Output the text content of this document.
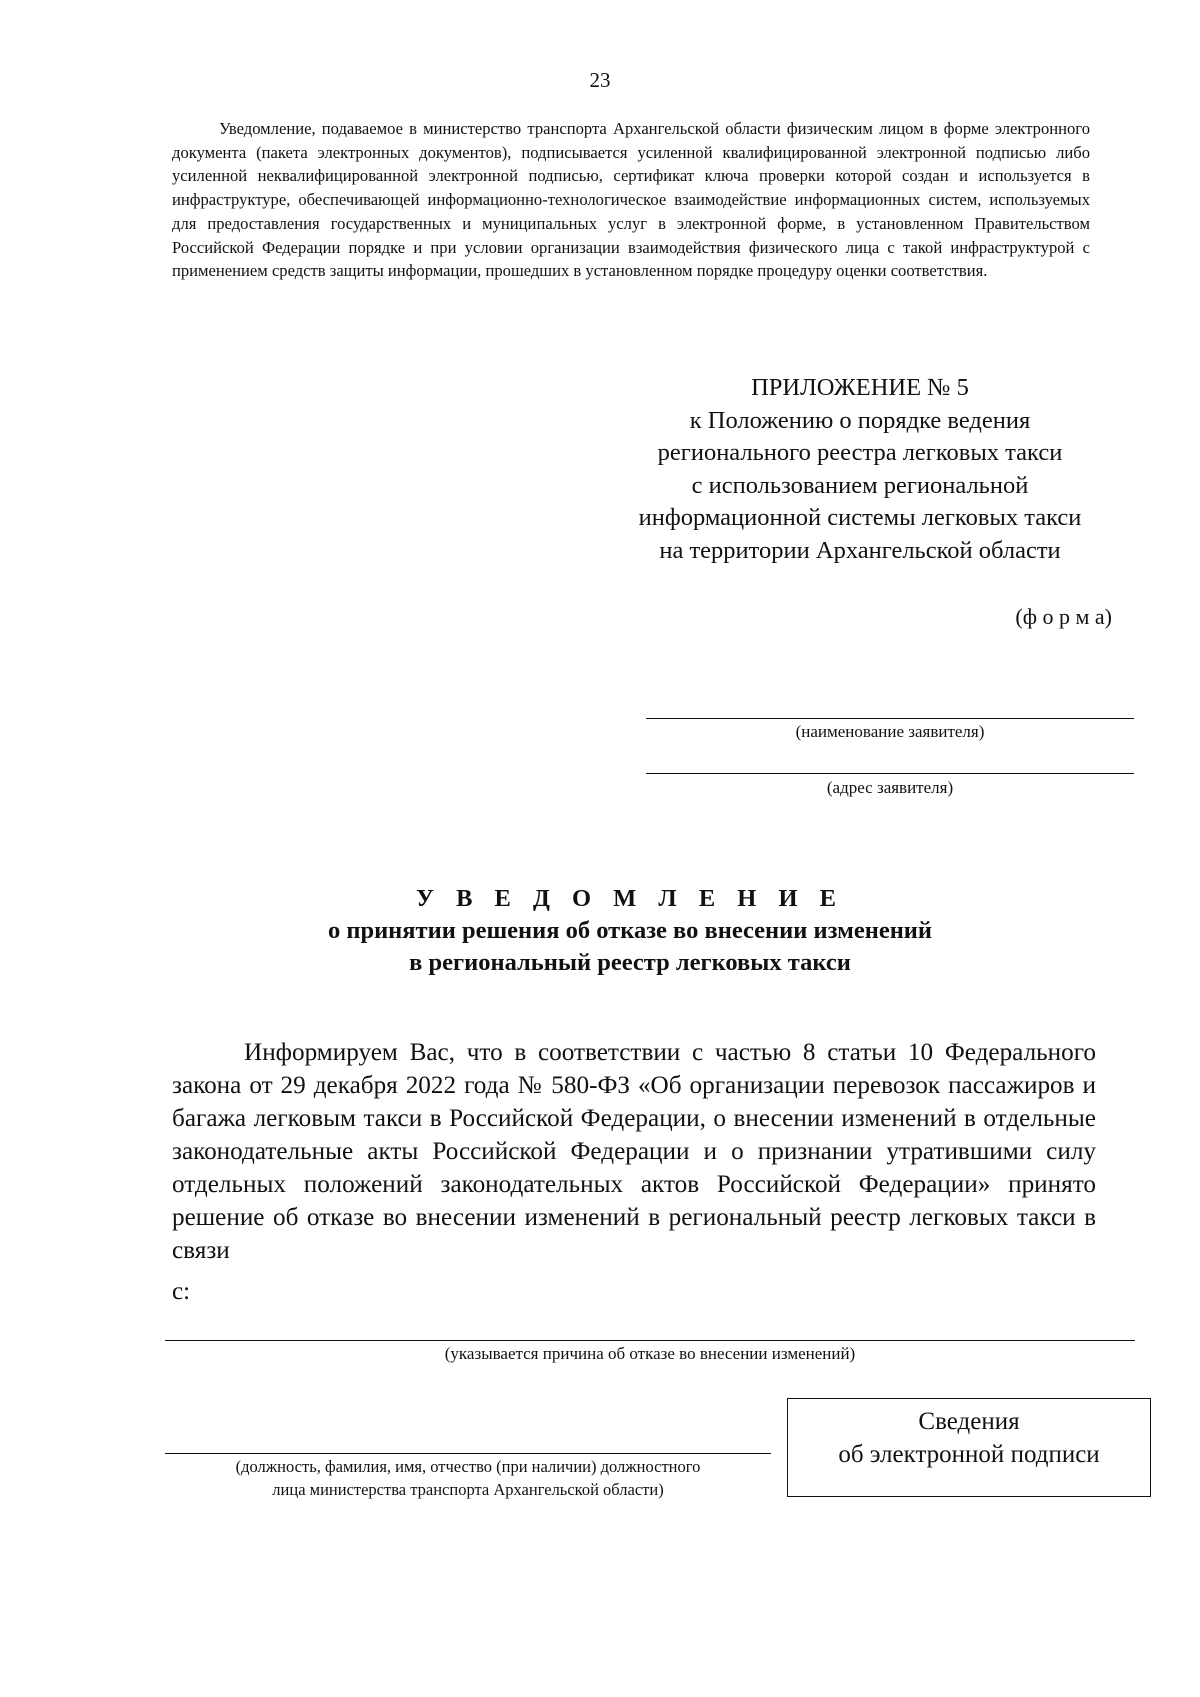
23

Уведомление, подаваемое в министерство транспорта Архангельской области физическим лицом в форме электронного документа (пакета электронных документов), подписывается усиленной квалифицированной электронной подписью либо усиленной неквалифицированной электронной подписью, сертификат ключа проверки которой создан и используется в инфраструктуре, обеспечивающей информационно-технологическое взаимодействие информационных систем, используемых для предоставления государственных и муниципальных услуг в электронной форме, в установленном Правительством Российской Федерации порядке и при условии организации взаимодействия физического лица с такой инфраструктурой с применением средств защиты информации, прошедших в установленном порядке процедуру оценки соответствия.

ПРИЛОЖЕНИЕ № 5
к Положению о порядке ведения
регионального реестра легковых такси
с использованием региональной
информационной системы легковых такси
на территории Архангельской области
(ф о р м а)
(наименование заявителя)
(адрес заявителя)
У В Е Д О М Л Е Н И Е
о принятии решения об отказе во внесении изменений
в региональный реестр легковых такси

Информируем Вас, что в соответствии с частью 8 статьи 10 Федерального закона от 29 декабря 2022 года № 580-ФЗ «Об организации перевозок пассажиров и багажа легковым такси в Российской Федерации, о внесении изменений в отдельные законодательные акты Российской Федерации и о признании утратившими силу отдельных положений законодательных актов Российской Федерации» принято решение об отказе во внесении изменений в региональный реестр легковых такси в связи

с:
(указывается причина об отказе во внесении изменений)
(должность, фамилия, имя, отчество (при наличии) должностного
лица министерства транспорта Архангельской области)
Сведения
об электронной подписи
